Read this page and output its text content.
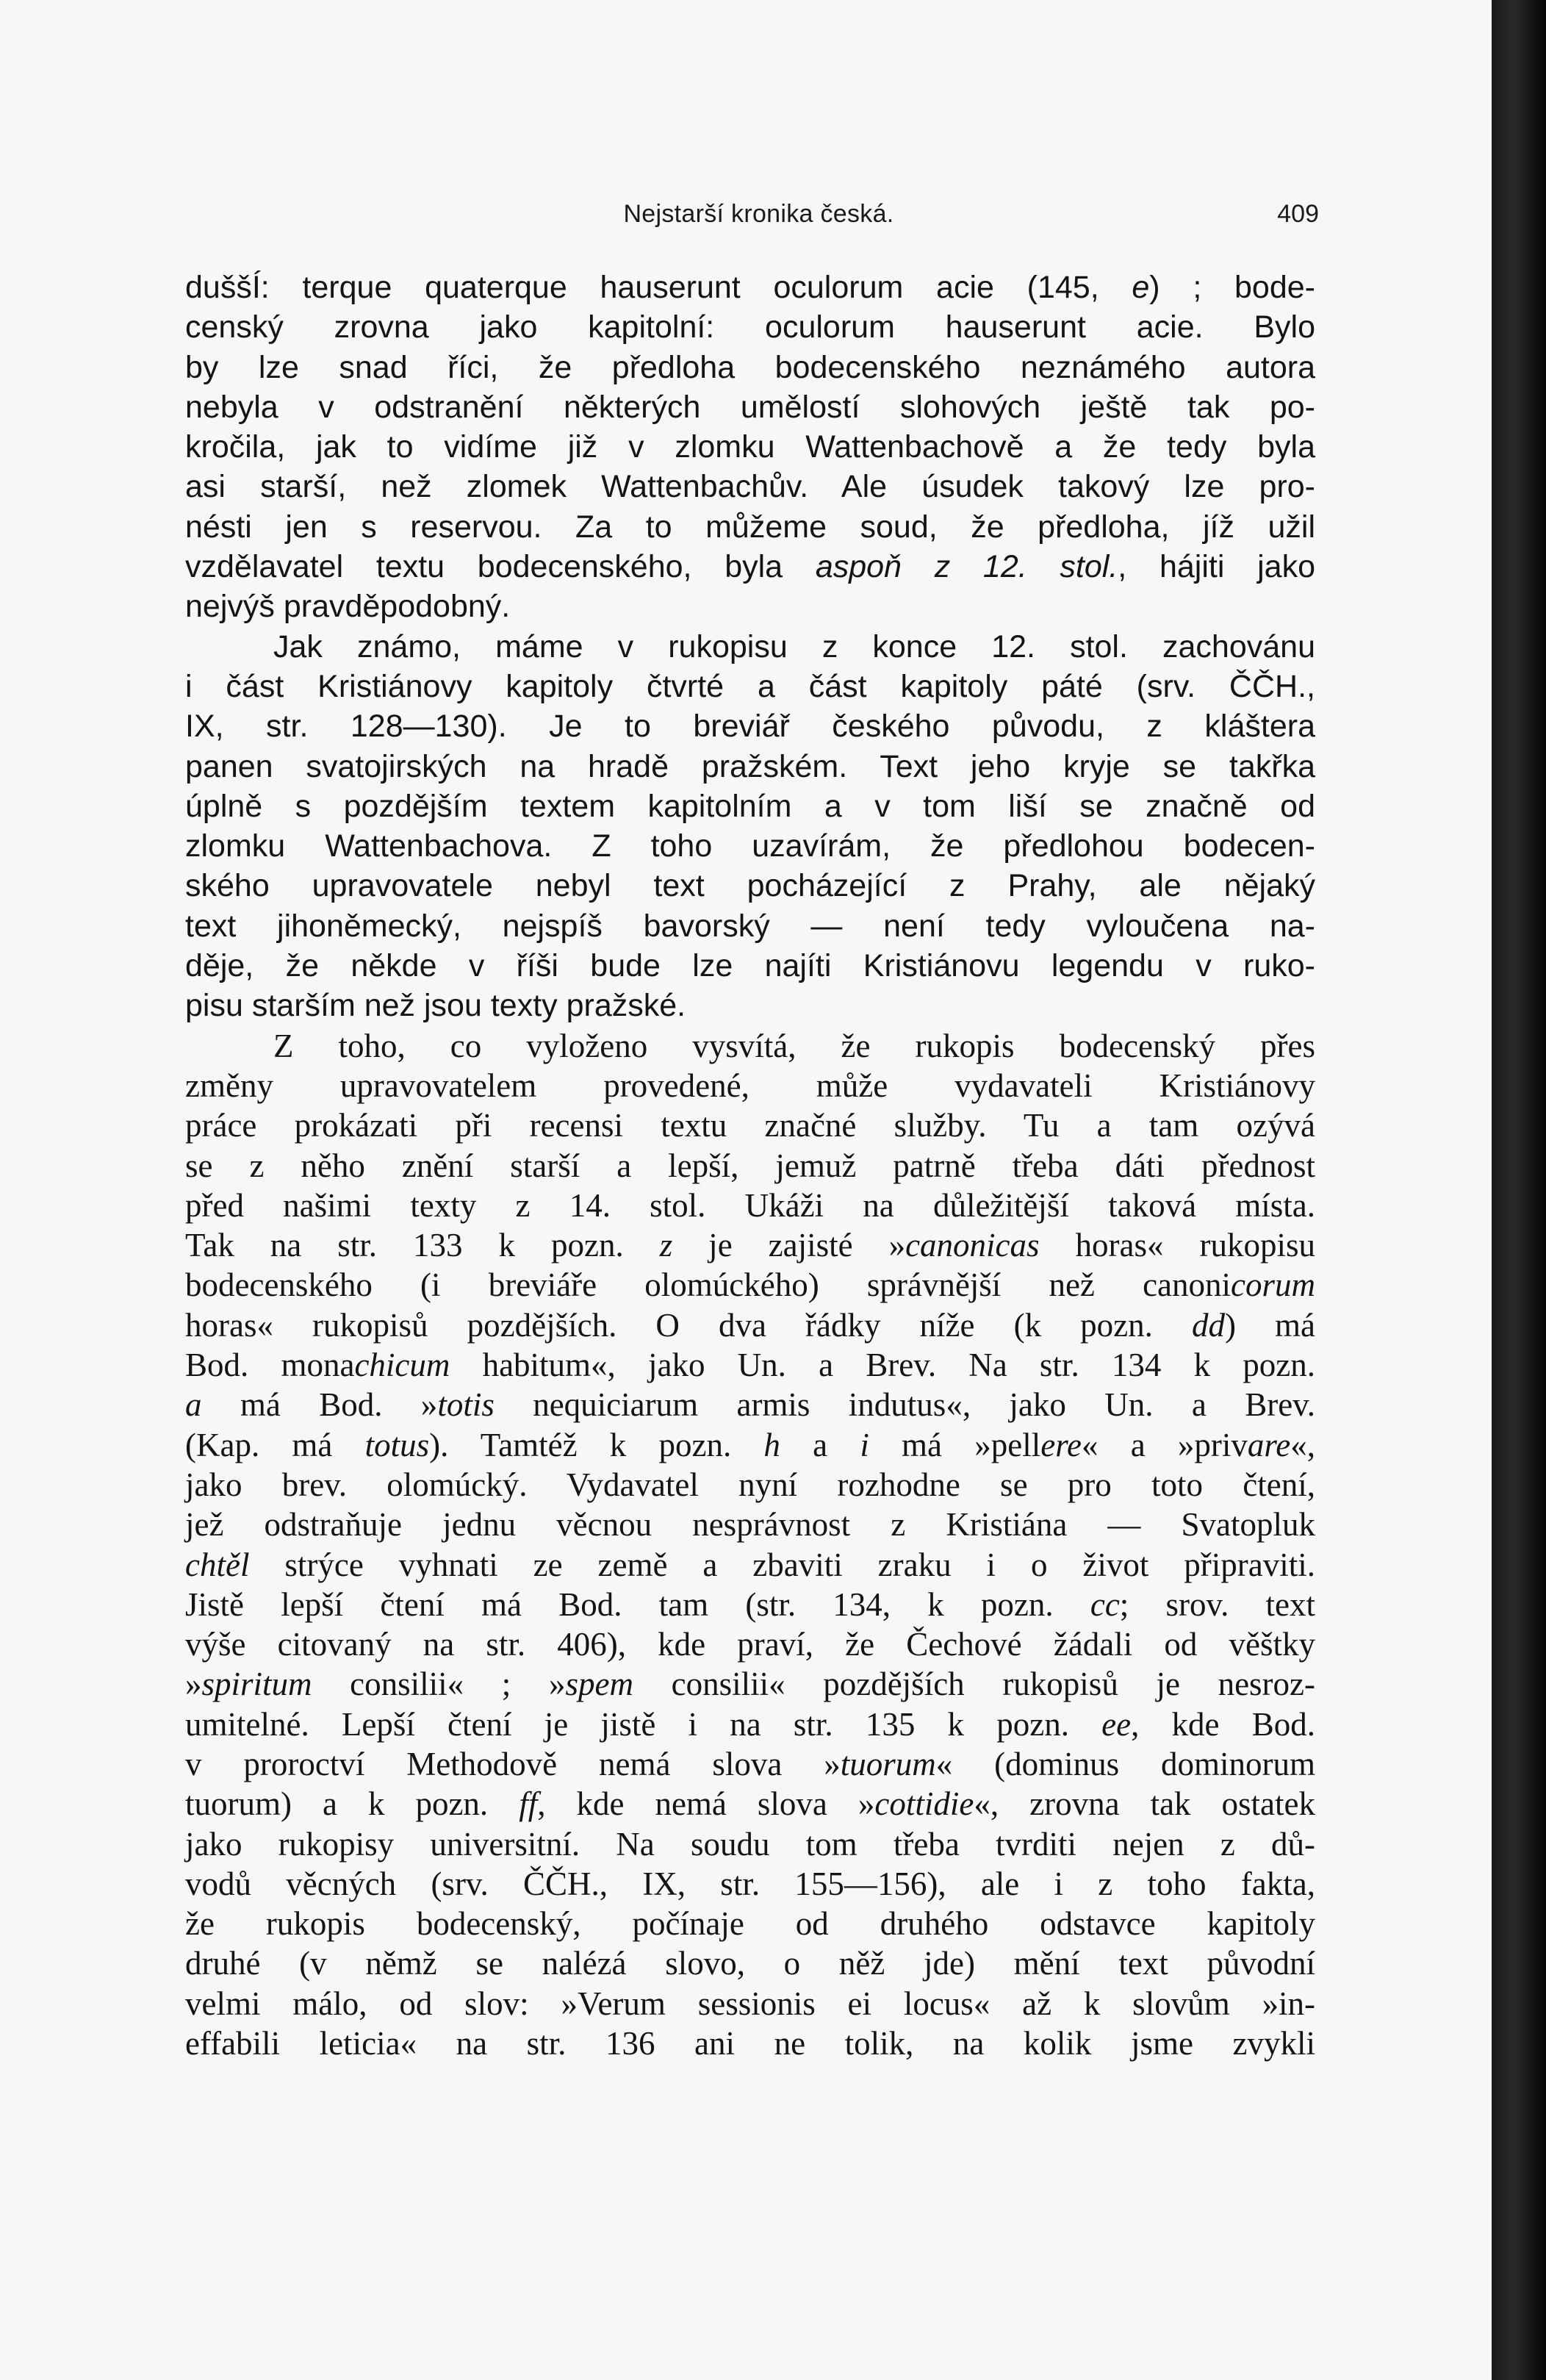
Nejstarší kronika česká.	409
duššÍ: terque quaterque hauserunt oculorum acie (145, e) ; bode-
censký zrovna jako kapitolní: oculorum hauserunt acie. Bylo
by lze snad říci, že předloha bodecenského neznámého autora
nebyla v odstranění některých umělostí slohových ještě tak po-
kročila, jak to vidíme již v zlomku Wattenbachově a že tedy byla
asi starší, než zlomek Wattenbachův. Ale úsudek takový lze pro-
nésti jen s reservou. Za to můžeme soud, že předloha, jíž užil
vzdělavatel textu bodecenského, byla aspoň z 12. stol., hájiti jako
nejvýš pravděpodobný.
Jak známo, máme v rukopisu z konce 12. stol. zachovánu
i část Kristiánovy kapitoly čtvrté a část kapitoly páté (srv. ČČH.,
IX, str. 128—130). Je to breviář českého původu, z kláštera
panen svatojirských na hradě pražském. Text jeho kryje se takřka
úplně s pozdějším textem kapitolním a v tom liší se značně od
zlomku Wattenbachova. Z toho uzavírám, že předlohou bodecen-
ského upravovatele nebyl text pocházející z Prahy, ale nějaký
text jihoněmecký, nejspíš bavorský — není tedy vyloučena na-
děje, že někde v říši bude lze najíti Kristiánovu legendu v ruko-
pisu starším než jsou texty pražské.
Z toho, co vyloženo vysvítá, že rukopis bodecenský přes
změny upravovatelem provedené, může vydavateli Kristiánovy
práce prokázati při recensi textu značné služby. Tu a tam ozývá
se z něho znění starší a lepší, jemuž patrně třeba dáti přednost
před našimi texty z 14. stol. Ukáži na důležitější taková místa.
Tak na str. 133 k pozn. z je zajisté »canonicas horas« rukopisu
bodecenského (i breviáře olomúckého) správnější než canonicorum
horas« rukopisů pozdějších. O dva řádky níže (k pozn. dd) má
Bod. monachicum habitum«, jako Un. a Brev. Na str. 134 k pozn.
a má Bod. »totis nequiciarum armis indutus«, jako Un. a Brev.
(Kap. má totus). Tamtéž k pozn. h a i má »pellere« a »privare«,
jako brev. olomúcký. Vydavatel nyní rozhodne se pro toto čtení,
jež odstraňuje jednu věcnou nesprávnost z Kristiána — Svatopluk
chtěl strýce vyhnati ze země a zbaviti zraku i o život připraviti.
Jistě lepší čtení má Bod. tam (str. 134, k pozn. cc; srov. text
výše citovaný na str. 406), kde praví, že Čechové žádali od věštky
»spiritum consilii« ; »spem consilii« pozdějších rukopisů je nesroz-
umitelné. Lepší čtení je jistě i na str. 135 k pozn. ee, kde Bod.
v proroctví Methodově nemá slova »tuorum« (dominus dominorum
tuorum) a k pozn. ff, kde nemá slova »cottidie«, zrovna tak ostatek
jako rukopisy universitní. Na soudu tom třeba tvrditi nejen z dů-
vodů věcných (srv. ČČH., IX, str. 155—156), ale i z toho fakta,
že rukopis bodecenský, počínaje od druhého odstavce kapitoly
druhé (v němž se nalézá slovo, o něž jde) mění text původní
velmi málo, od slov: »Verum sessionis ei locus« až k slovům »in-
effabili leticia« na str. 136 ani ne tolik, na kolik jsme zvykli
